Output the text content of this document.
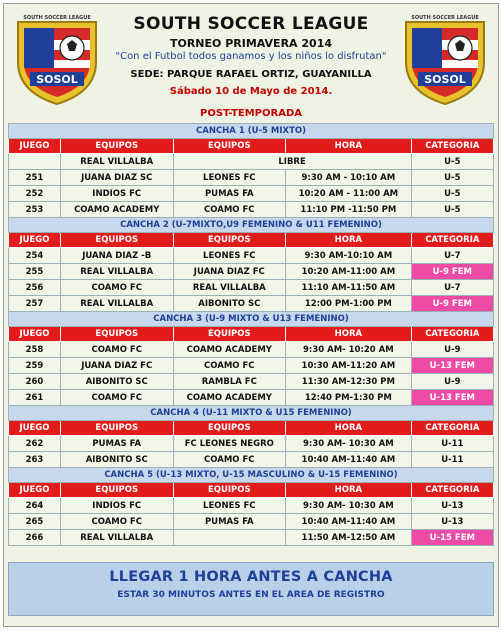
SOSOL
SOUTH SOCCER LEAGUE	SOUTH SOCCER LEAGUE
TORNEO PRIMAVERA 2014
"Con el Futbol todos ganamos y los niños lo disfrutan"
SEDE: PARQUE RAFAEL ORTIZ, GUAYANILLA
Sábado 10 de Mayo de 2014.
SOSOL
SOUTH SOCCER LEAGUE
POST-TEMPORADA
CANCHA 1 (U-5 MIXTO)				
JUEGO	EQUIPOS	EQUIPOS	HORA	CATEGORIA
	REAL VILLALBA	LIBRE		U-5
251	JUANA DIAZ SC	LEONES FC	9:30 AM - 10:10 AM	U-5
252	INDIOS FC	PUMAS FA	10:20 AM - 11:00 AM	U-5
253	COAMO ACADEMY	COAMO FC	11:10 PM -11:50 PM	U-5
CANCHA 2 (U-7MIXTO,U9 FEMENINO & U11 FEMENINO)				
JUEGO	EQUIPOS	EQUIPOS	HORA	CATEGORIA
254	JUANA DIAZ -B	LEONES FC	9:30 AM-10:10 AM	U-7
255	REAL VILLALBA	JUANA DIAZ FC	10:20 AM-11:00 AM	U-9 FEM
256	COAMO FC	REAL VILLALBA	11:10 AM-11:50 AM	U-7
257	REAL VILLALBA	AIBONITO SC	12:00 PM-1:00 PM	U-9 FEM
CANCHA 3 (U-9 MIXTO & U13 FEMENINO)				
JUEGO	EQUIPOS	EQUIPOS	HORA	CATEGORIA
258	COAMO FC	COAMO ACADEMY	9:30 AM- 10:20 AM	U-9
259	JUANA DIAZ FC	COAMO FC	10:30 AM-11:20 AM	U-13 FEM
260	AIBONITO SC	RAMBLA FC	11:30 AM-12:30 PM	U-9
261	COAMO FC	COAMO ACADEMY	12:40 PM-1:30 PM	U-13 FEM
CANCHA 4 (U-11 MIXTO & U15 FEMENINO)				
JUEGO	EQUIPOS	EQUIPOS	HORA	CATEGORIA
262	PUMAS FA	FC LEONES NEGRO	9:30 AM- 10:30 AM	U-11
263	AIBONITO SC	COAMO FC	10:40 AM-11:40 AM	U-11
CANCHA 5 (U-13 MIXTO, U-15 MASCULINO & U-15 FEMENINO)				
JUEGO	EQUIPOS	EQUIPOS	HORA	CATEGORIA
264	INDIOS FC	LEONES FC	9:30 AM- 10:30 AM	U-13
265	COAMO FC	PUMAS FA	10:40 AM-11:40 AM	U-13
266	REAL VILLALBA		11:50 AM-12:50 AM	U-15 FEM
LLEGAR 1 HORA ANTES A CANCHA
ESTAR 30 MINUTOS ANTES EN EL AREA DE REGISTRO
